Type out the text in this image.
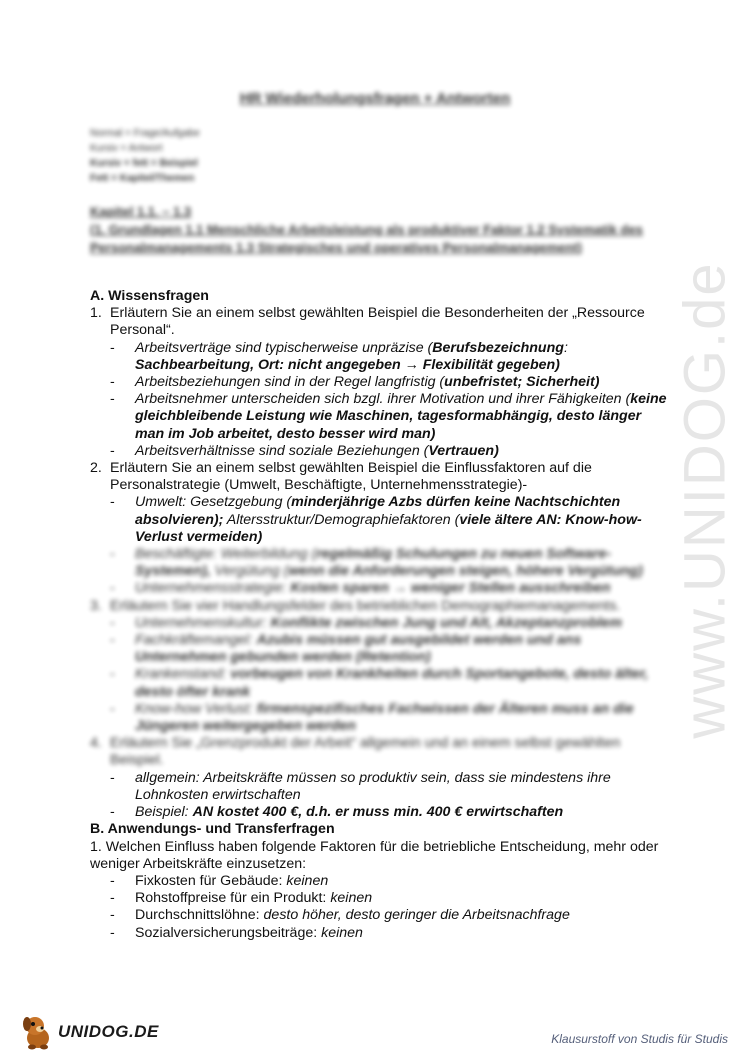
www.UNIDOG.de
HR Wiederholungsfragen + Antworten
Normal = Frage/Aufgabe
Kursiv = Antwort
Kursiv + fett = Beispiel
Fett = Kapitel/Themen
Kapitel 1.1. – 1.3
(1. Grundlagen 1.1 Menschliche Arbeitsleistung als produktiver Faktor 1.2 Systematik des Personalmanagements 1.3 Strategisches und operatives Personalmanagement)
A. Wissensfragen
1. Erläutern Sie an einem selbst gewählten Beispiel die Besonderheiten der „Ressource Personal“.
- Arbeitsverträge sind typischerweise unpräzise (Berufsbezeichnung: Sachbearbeitung, Ort: nicht angegeben → Flexibilität gegeben)
- Arbeitsbeziehungen sind in der Regel langfristig (unbefristet; Sicherheit)
- Arbeitsnehmer unterscheiden sich bzgl. ihrer Motivation und ihrer Fähigkeiten (keine gleichbleibende Leistung wie Maschinen, tagesformabhängig, desto länger man im Job arbeitet, desto besser wird man)
- Arbeitsverhältnisse sind soziale Beziehungen (Vertrauen)
2. Erläutern Sie an einem selbst gewählten Beispiel die Einflussfaktoren auf die Personalstrategie (Umwelt, Beschäftigte, Unternehmensstrategie)-
- Umwelt: Gesetzgebung (minderjährige Azbs dürfen keine Nachtschichten absolvieren); Altersstruktur/Demographiefaktoren (viele ältere AN: Know-how-Verlust vermeiden)
- Beschäftigte: Weiterbildung (regelmäßig Schulungen zu neuen Software-Systemen), Vergütung (wenn die Anforderungen steigen, höhere Vergütung)
- Unternehmensstrategie: Kosten sparen → weniger Stellen ausschreiben
3. Erläutern Sie vier Handlungsfelder des betrieblichen Demographiemanagements.
- Unternehmenskultur: Konflikte zwischen Jung und Alt, Akzeptanzproblem
- Fachkräftemangel: Azubis müssen gut ausgebildet werden und ans Unternehmen gebunden werden (Retention)
- Krankenstand: vorbeugen von Krankheiten durch Sportangebote, desto älter, desto öfter krank
- Know-how Verlust: firmenspezifisches Fachwissen der Älteren muss an die Jüngeren weitergegeben werden
4. Erläutern Sie „Grenzprodukt der Arbeit“ allgemein und an einem selbst gewählten Beispiel.
- allgemein: Arbeitskräfte müssen so produktiv sein, dass sie mindestens ihre Lohnkosten erwirtschaften
- Beispiel: AN kostet 400 €, d.h. er muss min. 400 € erwirtschaften
B. Anwendungs- und Transferfragen
1. Welchen Einfluss haben folgende Faktoren für die betriebliche Entscheidung, mehr oder weniger Arbeitskräfte einzusetzen:
- Fixkosten für Gebäude: keinen
- Rohstoffpreise für ein Produkt: keinen
- Durchschnittslöhne: desto höher, desto geringer die Arbeitsnachfrage
- Sozialversicherungsbeiträge: keinen
UNIDOG.DE	Klausurstoff von Studis für Studis
